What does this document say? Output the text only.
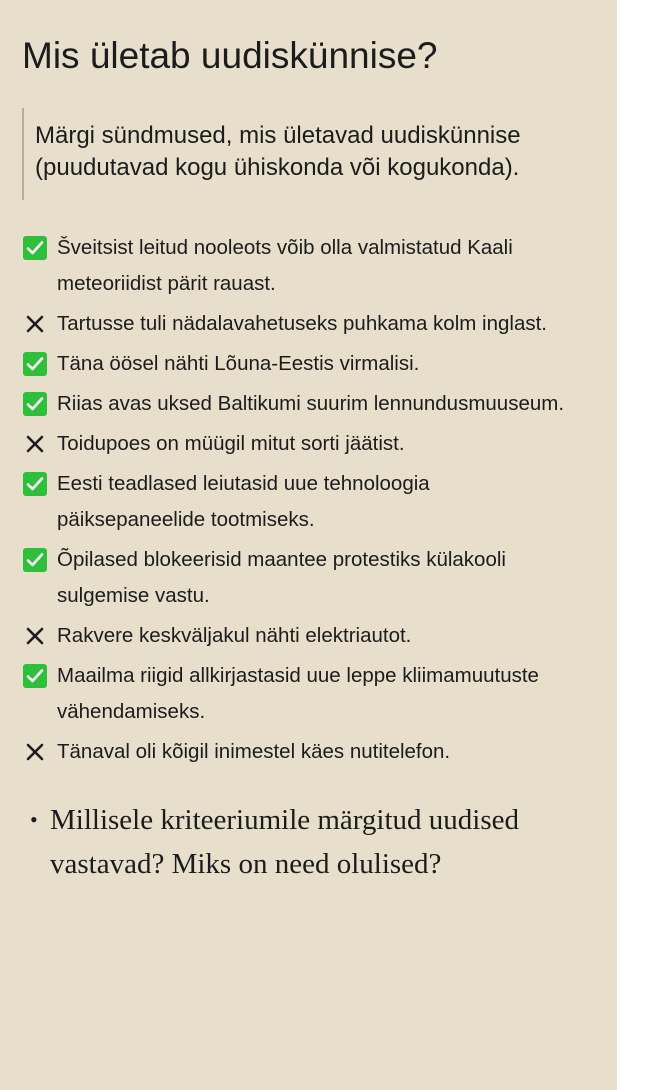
Mis ületab uudiskünnise?
Märgi sündmused, mis ületavad uudiskünnise (puudutavad kogu ühiskonda või kogukonda).
Šveitsist leitud nooleots võib olla valmistatud Kaali meteoriidist pärit rauast.
Tartusse tuli nädalavahetuseks puhkama kolm inglast.
Täna öösel nähti Lõuna-Eestis virmalisi.
Riias avas uksed Baltikumi suurim lennundusmuuseum.
Toidupoes on müügil mitut sorti jäätist.
Eesti teadlased leiutasid uue tehnoloogia päiksepaneelide tootmiseks.
Õpilased blokeerisid maantee protestiks külakooli sulgemise vastu.
Rakvere keskväljakul nähti elektriautot.
Maailma riigid allkirjastasid uue leppe kliimamuutuste vähendamiseks.
Tänaval oli kõigil inimestel käes nutitelefon.
• Millisele kriteeriumile märgitud uudised vastavad? Miks on need olulised?
